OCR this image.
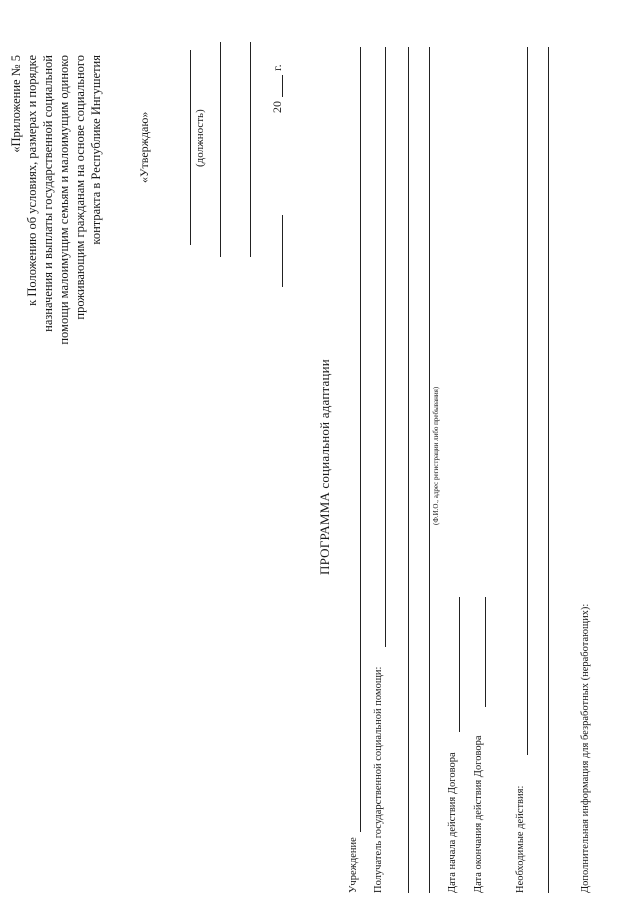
«Приложение № 5 к Положению об условиях, размерах и порядке назначения и выплаты государственной социальной помощи малоимущим семьям и малоимущим одиноко проживающим гражданам на основе социального контракта в Республике Ингушетия	«Утверждаю»	(должность)
20
г.
ПРОГРАММА социальной адаптации
Учреждение Получатель государственной социальной помощи:
(Ф.И.О., адрес регистрации либо пребывания)
Дата начала действия Договора Дата окончания действия Договора	Необходимые действия:	Дополнительная информация для безработных (неработающих):
